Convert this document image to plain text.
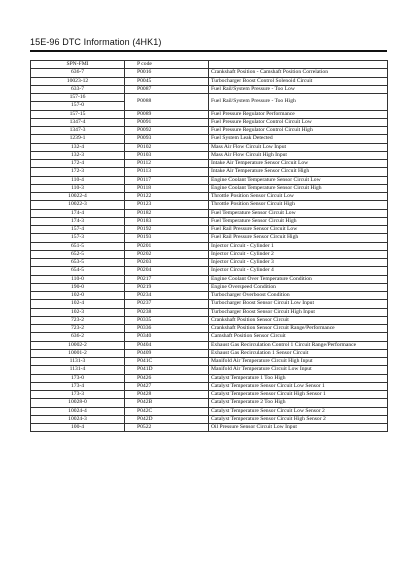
15E-96 DTC Information (4HK1)
SPN-FMI	P code	
636-7	P0016	Crankshaft Position - Camshaft Position Correlation
10023-12	P0045	Turbocharger Boost Control Solenoid Circuit
633-7	P0087	Fuel Rail/System Pressure - Too Low
157-16	P0088	Fuel Rail/System Pressure - Too High
157-0		
157-15	P0089	Fuel Pressure Regulator Performance
1347-4	P0091	Fuel Pressure Regulator Control Circuit Low
1347-3	P0092	Fuel Pressure Regulator Control Circuit High
1239-1	P0093	Fuel System Leak Detected
132-4	P0102	Mass Air Flow Circuit Low Input
132-3	P0103	Mass Air Flow Circuit High Input
172-4	P0112	Intake Air Temperature Sensor Circuit Low
172-3	P0113	Intake Air Temperature Sensor Circuit High
110-4	P0117	Engine Coolant Temperature Sensor Circuit Low
110-3	P0118	Engine Coolant Temperature Sensor Circuit High
10022-4	P0122	Throttle Position Sensor Circuit Low
10022-3	P0123	Throttle Position Sensor Circuit High
174-4	P0182	Fuel Temperature Sensor Circuit Low
174-3	P0183	Fuel Temperature Sensor Circuit High
157-4	P0192	Fuel Rail Pressure Sensor Circuit Low
157-3	P0193	Fuel Rail Pressure Sensor Circuit High
651-5	P0201	Injector Circuit - Cylinder 1
652-5	P0202	Injector Circuit - Cylinder 2
653-5	P0203	Injector Circuit - Cylinder 3
654-5	P0204	Injector Circuit - Cylinder 4
110-0	P0217	Engine Coolant Over Temperature Condition
190-0	P0219	Engine Overspeed Condition
102-0	P0234	Turbocharger Overboost Condition
102-4	P0237	Turbocharger Boost Sensor Circuit Low Input
102-3	P0238	Turbocharger Boost Sensor Circuit High Input
723-2	P0335	Crankshaft Position Sensor Circuit
723-2	P0336	Crankshaft Position Sensor Circuit Range/Performance
636-2	P0340	Camshaft Position Sensor Circuit
10002-2	P0404	Exhaust Gas Recirculation Control 1 Circuit Range/Performance
10001-2	P0409	Exhaust Gas Recirculation 1 Sensor Circuit
1131-3	P041C	Manifold Air Temperature Circuit High Input
1131-4	P041D	Manifold Air Temperature Circuit Low Input
173-0	P0426	Catalyst Temperature 1 Too High
173-4	P0427	Catalyst Temperature Sensor Circuit Low Sensor 1
173-3	P0428	Catalyst Temperature Sensor Circuit High Sensor 1
10028-0	P042B	Catalyst Temperature 2 Too High
10024-4	P042C	Catalyst Temperature Sensor Circuit Low Sensor 2
10024-3	P042D	Catalyst Temperature Sensor Circuit High Sensor 2
100-4	P0522	Oil Pressure Sensor Circuit Low Input
